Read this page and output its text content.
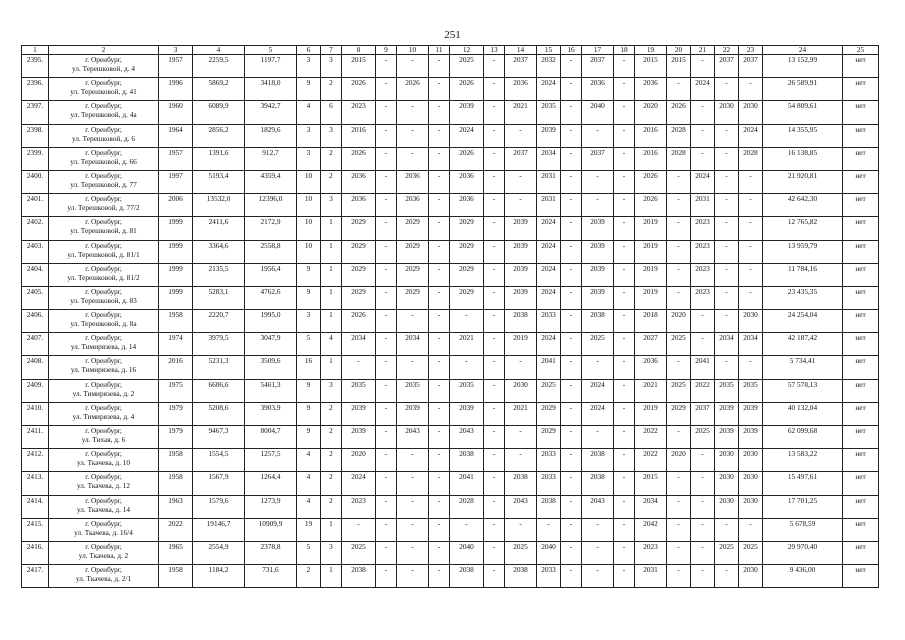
251
1	2	3	4	5	6	7	8	9	10	11	12	13	14	15	16	17	18	19	20	21	22	23	24	25
2395.	г. Оренбург,
ул. Терешковой, д. 4	1957	2259,5	1197,7	3	3	2015	-	-	-	2025	-	2037	2032	-	2037	-	2015	2015	-	2037	2037	13 152,99	нет
2396.	г. Оренбург,
ул. Терешковой, д. 41	1996	5869,2	3418,0	9	2	2026	-	2026	-	2026	-	2036	2024	-	2036	-	2036	-	2024	-	-	26 589,91	нет
2397.	г. Оренбург,
ул. Терешковой, д. 4а	1960	6089,9	3942,7	4	6	2023	-	-	-	2039	-	2021	2035	-	2040	-	2020	2026	-	2030	2030	54 809,61	нет
2398.	г. Оренбург,
ул. Терешковой, д. 6	1964	2856,2	1829,6	3	3	2016	-	-	-	2024	-	-	2039	-	-	-	2016	2028	-	-	2024	14 355,95	нет
2399.	г. Оренбург,
ул. Терешковой, д. 66	1957	1391,6	912,7	3	2	2026	-	-	-	2026	-	2037	2034	-	2037	-	2016	2028	-	-	2028	16 138,85	нет
2400.	г. Оренбург,
ул. Терешковой, д. 77	1997	5193,4	4359,4	10	2	2036	-	2036	-	2036	-	-	2031	-	-	-	2026	-	2024	-	-	21 920,81	нет
2401.	г. Оренбург,
ул. Терешковой, д. 77/2	2006	13532,0	12396,0	10	3	2036	-	2036	-	2036	-	-	2031	-	-	-	2026	-	2031	-	-	42 642,30	нет
2402.	г. Оренбург,
ул. Терешковой, д. 81	1999	2411,6	2172,9	10	1	2029	-	2029	-	2029	-	2039	2024	-	2039	-	2019	-	2023	-	-	12 765,82	нет
2403.	г. Оренбург,
ул. Терешковой, д. 81/1	1999	3364,6	2558,8	10	1	2029	-	2029	-	2029	-	2039	2024	-	2039	-	2019	-	2023	-	-	13 959,79	нет
2404.	г. Оренбург,
ул. Терешковой, д. 81/2	1999	2135,5	1956,4	9	1	2029	-	2029	-	2029	-	2039	2024	-	2039	-	2019	-	2023	-	-	11 784,16	нет
2405.	г. Оренбург,
ул. Терешковой, д. 83	1999	5283,1	4762,6	9	1	2029	-	2029	-	2029	-	2039	2024	-	2039	-	2019	-	2023	-	-	23 435,35	нет
2406.	г. Оренбург,
ул. Терешковой, д. 8а	1958	2220,7	1995,0	3	1	2026	-	-	-	-	-	2038	2033	-	2038	-	2018	2020	-	-	2030	24 254,04	нет
2407.	г. Оренбург,
ул. Тимирязева, д. 14	1974	3979,5	3047,9	5	4	2034	-	2034	-	2021	-	2019	2024	-	2025	-	2027	2025	-	2034	2034	42 187,42	нет
2408.	г. Оренбург,
ул. Тимирязева, д. 16	2016	5231,3	3509,6	16	1	-	-	-	-	-	-	-	2041	-	-	-	2036	-	2041	-	-	5 734,41	нет
2409.	г. Оренбург,
ул. Тимирязева, д. 2	1975	6606,6	5461,3	9	3	2035	-	2035	-	2035	-	2030	2025	-	2024	-	2021	2025	2022	2035	2035	57 578,13	нет
2410.	г. Оренбург,
ул. Тимирязева, д. 4	1979	5208,6	3903,9	9	2	2039	-	2039	-	2039	-	2021	2029	-	2024	-	2019	2029	2037	2039	2039	40 132,04	нет
2411.	г. Оренбург,
ул. Тихая, д. 6	1979	9467,3	8004,7	9	2	2039	-	2043	-	2043	-	-	2029	-	-	-	2022	-	2025	2039	2039	62 099,68	нет
2412.	г. Оренбург,
ул. Ткачева, д. 10	1958	1554,5	1257,5	4	2	2020	-	-	-	2038	-	-	2033	-	2038	-	2022	2020	-	2030	2030	13 583,22	нет
2413.	г. Оренбург,
ул. Ткачева, д. 12	1958	1567,9	1264,4	4	2	2024	-	-	-	2041	-	2038	2033	-	2038	-	2015	-	-	2030	2030	15 497,61	нет
2414.	г. Оренбург,
ул. Ткачева, д. 14	1963	1579,6	1273,9	4	2	2023	-	-	-	2028	-	2043	2038	-	2043	-	2034	-	-	2030	2030	17 701,25	нет
2415.	г. Оренбург,
ул. Ткачева, д. 16/4	2022	19146,7	10909,9	19	1	-	-	-	-	-	-	-	-	-	-	-	2042	-	-	-	-	5 678,59	нет
2416.	г. Оренбург,
ул. Ткачева, д. 2	1965	2554,9	2378,8	5	3	2025	-	-	-	2040	-	2025	2040	-	-	-	2023	-	-	2025	2025	29 970,40	нет
2417.	г. Оренбург,
ул. Ткачева, д. 2/1	1958	1184,2	731,6	2	1	2038	-	-	-	2038	-	2038	2033	-	-	-	2031	-	-	-	2030	9 436,00	нет
